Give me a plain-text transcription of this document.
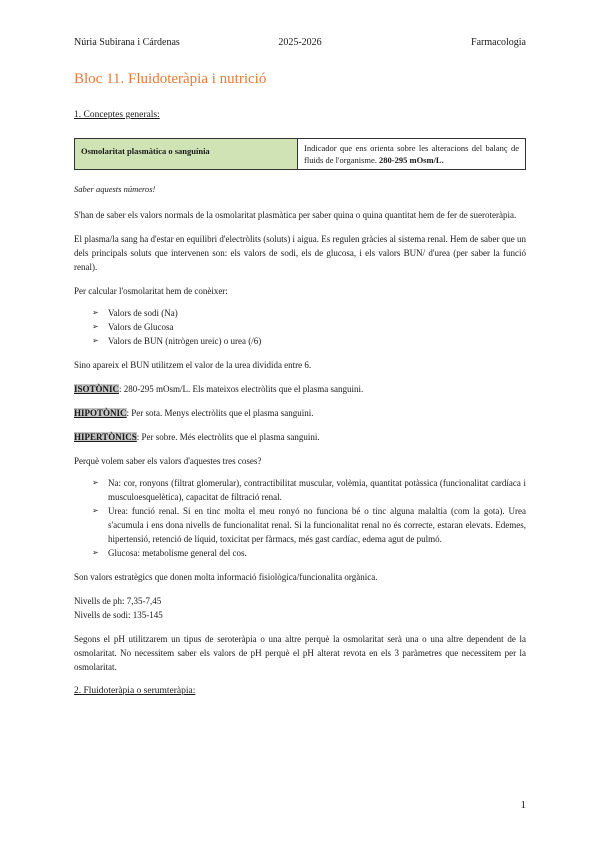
Núria Subirana i Cárdenas	2025-2026	Farmacologia
Bloc 11. Fluidoteràpia i nutrició

1. Conceptes generals:

Osmolaritat plasmàtica o sanguínia	Indicador que ens orienta sobre les alteracions del balanç de fluids de l'organisme. 280-295 mOsm/L.

Saber aquests números!

S'han de saber els valors normals de la osmolaritat plasmàtica per saber quina o quina quantitat hem de fer de sueroteràpia.

El plasma/la sang ha d'estar en equilibri d'electròlits (soluts) i aigua. Es regulen gràcies al sistema renal. Hem de saber que un dels principals soluts que intervenen son: els valors de sodi, els de glucosa, i els valors BUN/ d'urea (per saber la funció renal).

Per calcular l'osmolaritat hem de conèixer:

➢ Valors de sodi (Na)
➢ Valors de Glucosa
➢ Valors de BUN (nitrògen ureic) o urea (/6)

Sino apareix el BUN utilitzem el valor de la urea dividida entre 6.

ISOTÒNIC: 280-295 mOsm/L. Els mateixos electròlits que el plasma sanguini.

HIPOTÒNIC: Per sota. Menys electròlits que el plasma sanguini.

HIPERTÒNICS: Per sobre. Més electròlits que el plasma sanguini.

Perquè volem saber els valors d'aquestes tres coses?

➢ Na: cor, ronyons (filtrat glomerular), contractibilitat muscular, volèmia, quantitat potàssica (funcionalitat cardíaca i musculoesquelètica), capacitat de filtració renal.
➢ Urea: funció renal. Si en tinc molta el meu ronyó no funciona bé o tinc alguna malaltia (com la gota). Urea s'acumula i ens dona nivells de funcionalitat renal. Si la funcionalitat renal no és correcte, estaran elevats. Edemes, hipertensió, retenció de líquid, toxicitat per fàrmacs, més gast cardíac, edema agut de pulmó.
➢ Glucosa: metabolisme general del cos.

Son valors estratègics que donen molta informació fisiològica/funcionalita orgànica.

Nivells de ph: 7,35-7,45

Nivells de sodi: 135-145

Segons el pH utilitzarem un tipus de seroteràpia o una altre perquè la osmolaritat serà una o una altre dependent de la osmolaritat. No necessitem saber els valors de pH perquè el pH alterat revota en els 3 paràmetres que necessitem per la osmolaritat.

2. Fluidoteràpia o serumteràpia:

1
